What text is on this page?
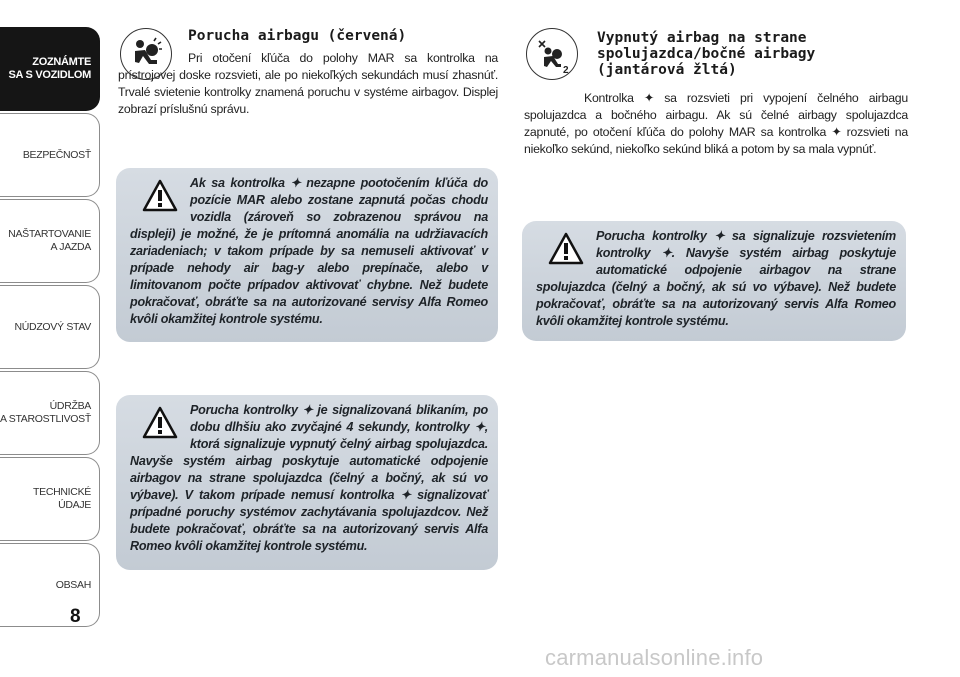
ZOZNÁMTE
SA S VOZIDLOM
BEZPEČNOSŤ
NAŠTARTOVANIE
A JAZDA
NÚDZOVÝ STAV
ÚDRŽBA
A STAROSTLIVOSŤ
TECHNICKÉ
ÚDAJE
OBSAH
8
Porucha airbagu (červená)

Pri otočení kľúča do polohy MAR sa kontrolka na prístrojovej doske rozsvieti, ale po niekoľkých sekundách musí zhasnúť. Trvalé svietenie kontrolky znamená poruchu v systéme airbagov. Displej zobrazí príslušnú správu.

Ak sa kontrolka ✦ nezapne pootočením kľúča do pozície MAR alebo zostane zapnutá počas chodu vozidla (zároveň so zobrazenou správou na displeji) je možné, že je prítomná anomália na udržiavacích zariadeniach; v takom prípade by sa nemuseli aktivovať v prípade nehody air bag-y alebo prepínače, alebo v limitovanom počte prípadov aktivovať chybne. Než budete pokračovať, obráťte sa na autorizované servisy Alfa Romeo kvôli okamžitej kontrole systému.

Porucha kontrolky ✦ je signalizovaná blikaním, po dobu dlhšiu ako zvyčajné 4 sekundy, kontrolky ✦, ktorá signalizuje vypnutý čelný airbag spolujazdca. Navyše systém airbag poskytuje automatické odpojenie airbagov na strane spolujazdca (čelný a bočný, ak sú vo výbave). V takom prípade nemusí kontrolka ✦ signalizovať prípadné poruchy systémov zachytávania spolujazdcov. Než budete pokračovať, obráťte sa na autorizovaný servis Alfa Romeo kvôli okamžitej kontrole systému.

2
Vypnutý airbag na strane spolujazdca/bočné airbagy (jantárová žltá)

Kontrolka ✦ sa rozsvieti pri vypojení čelného airbagu spolujazdca a bočného airbagu. Ak sú čelné airbagy spolujazdca zapnuté, po otočení kľúča do polohy MAR sa kontrolka ✦ rozsvieti na niekoľko sekúnd, niekoľko sekúnd bliká a potom by sa mala vypnúť.

Porucha kontrolky ✦ sa signalizuje rozsvietením kontrolky ✦. Navyše systém airbag poskytuje automatické odpojenie airbagov na strane spolujazdca (čelný a bočný, ak sú vo výbave). Než budete pokračovať, obráťte sa na autorizovaný servis Alfa Romeo kvôli okamžitej kontrole systému.

carmanualsonline.info
